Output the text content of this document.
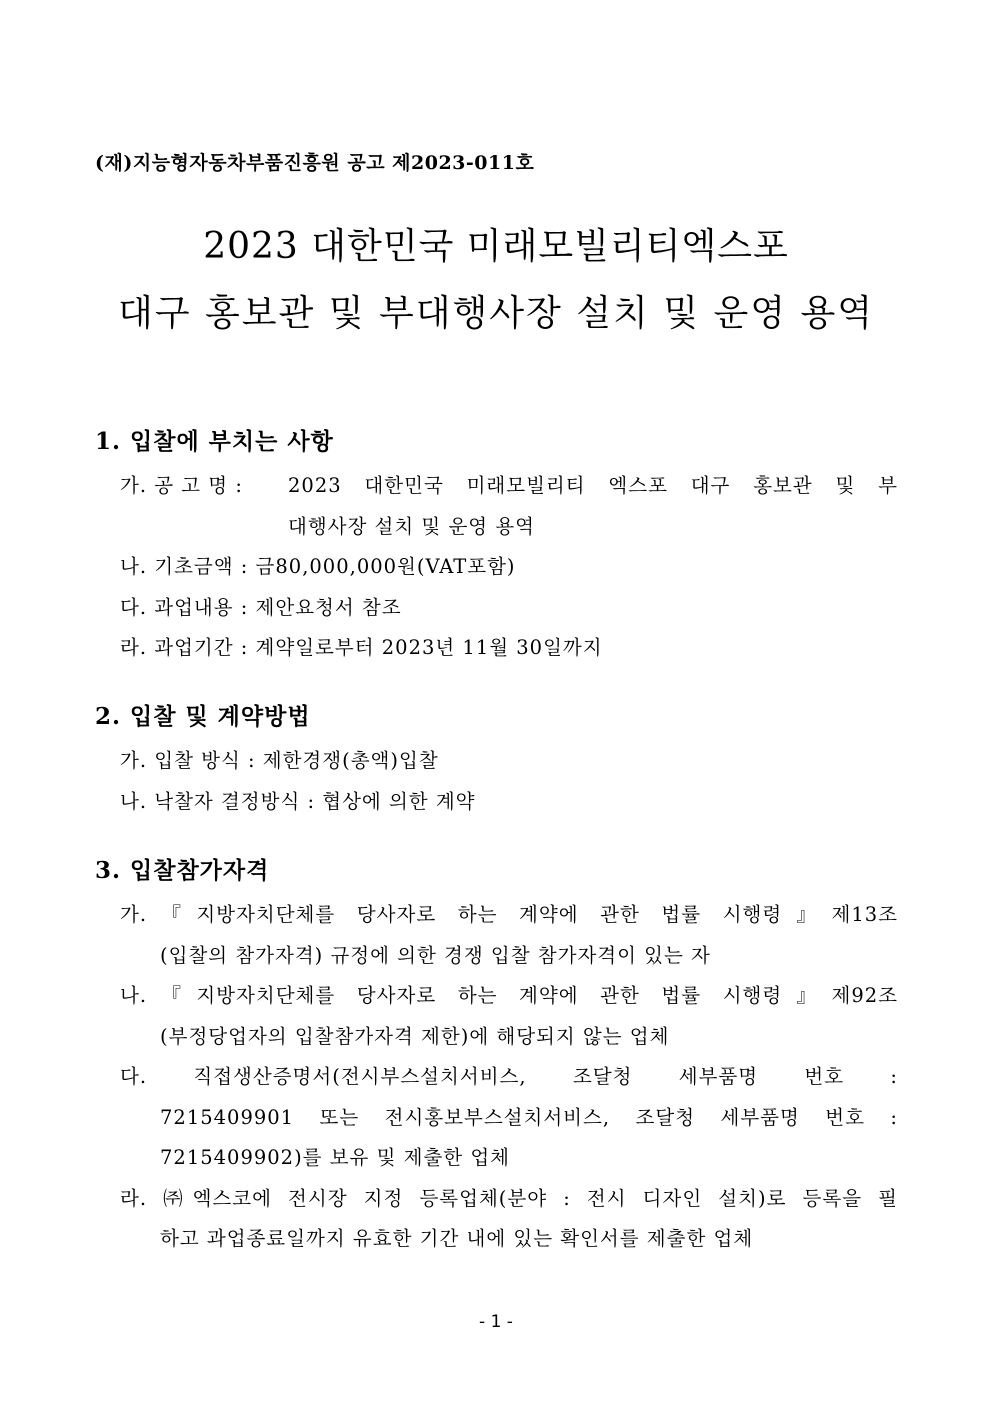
(재)지능형자동차부품진흥원 공고 제2023-011호
2023 대한민국 미래모빌리티엑스포
대구 홍보관 및 부대행사장 설치 및 운영 용역
1. 입찰에 부치는 사항
가. 공 고 명 : 2023 대한민국 미래모빌리티 엑스포 대구 홍보관 및 부
대행사장 설치 및 운영 용역
나. 기초금액 : 금80,000,000원(VAT포함)
다. 과업내용 : 제안요청서 참조
라. 과업기간 : 계약일로부터 2023년 11월 30일까지
2. 입찰 및 계약방법
가. 입찰 방식 : 제한경쟁(총액)입찰
나. 낙찰자 결정방식 : 협상에 의한 계약
3. 입찰참가자격
가.『지방자치단체를 당사자로 하는 계약에 관한 법률 시행령』제13조
(입찰의 참가자격) 규정에 의한 경쟁 입찰 참가자격이 있는 자
나.『지방자치단체를 당사자로 하는 계약에 관한 법률 시행령』제92조
(부정당업자의 입찰참가자격 제한)에 해당되지 않는 업체
다. 직접생산증명서(전시부스설치서비스, 조달청 세부품명 번호 :
7215409901 또는 전시홍보부스설치서비스, 조달청 세부품명 번호 :
7215409902)를 보유 및 제출한 업체
라. ㈜엑스코에 전시장 지정 등록업체(분야 : 전시 디자인 설치)로 등록을 필
하고 과업종료일까지 유효한 기간 내에 있는 확인서를 제출한 업체
- 1 -
